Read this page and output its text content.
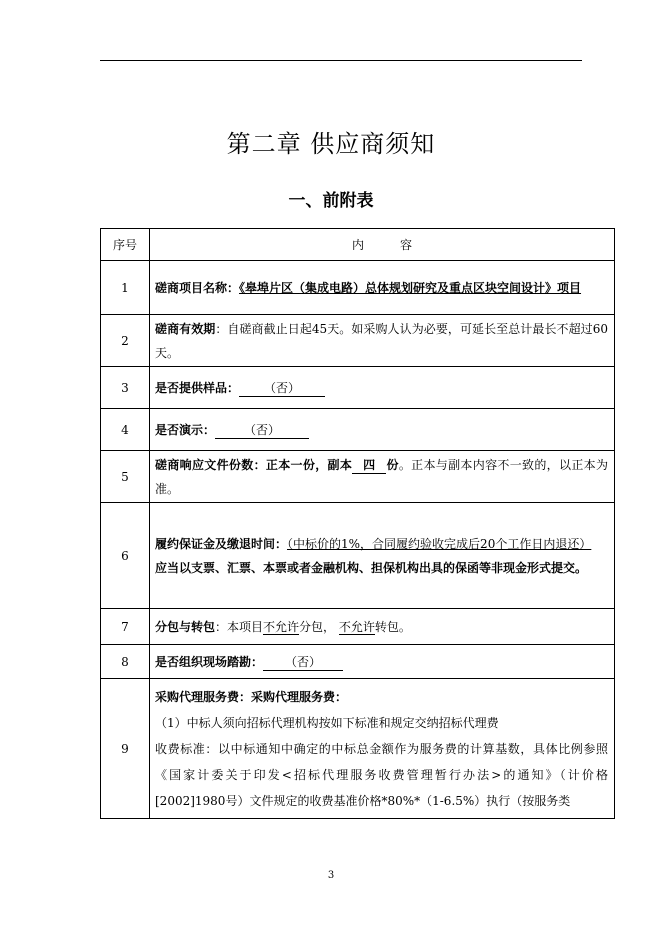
第二章 供应商须知
一、前附表
序号	内　　　容
1	磋商项目名称：《皋埠片区（集成电路）总体规划研究及重点区块空间设计》项目
2	磋商有效期：自磋商截止日起45天。如采购人认为必要，可延长至总计最长不超过60天。
3	是否提供样品： （否）
4	是否演示： （否）
5	磋商响应文件份数：正本一份，副本 四 份。正本与副本内容不一致的，以正本为准。
6	履约保证金及缴退时间：（中标价的1%，合同履约验收完成后20个工作日内退还）
应当以支票、汇票、本票或者金融机构、担保机构出具的保函等非现金形式提交。
7	分包与转包：本项目不允许分包， 不允许转包。
8	是否组织现场踏勘： （否）
9	采购代理服务费：采购代理服务费：
（1）中标人须向招标代理机构按如下标准和规定交纳招标代理费
收费标准：以中标通知中确定的中标总金额作为服务费的计算基数，具体比例参照《国家计委关于印发<招标代理服务收费管理暂行办法>的通知》（计价格[2002]1980号）文件规定的收费基准价格*80%*（1-6.5%）执行（按服务类
3
